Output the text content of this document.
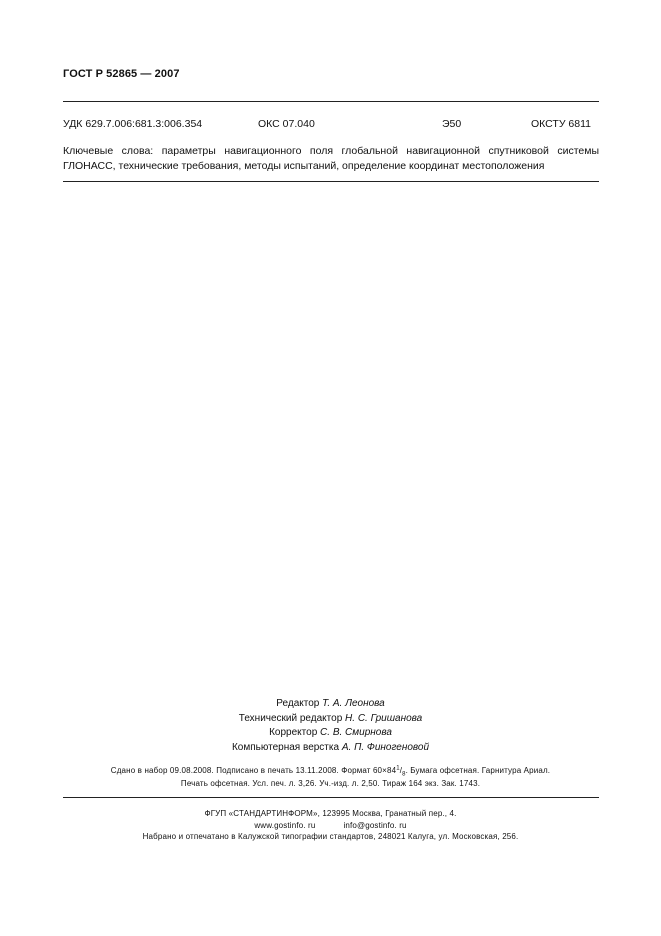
ГОСТ Р 52865 — 2007
УДК 629.7.006:681.3:006.354	ОКС 07.040	Э50	ОКСТУ 6811
Ключевые слова: параметры навигационного поля глобальной навигационной спутниковой системы
ГЛОНАСС, технические требования, методы испытаний, определение координат местоположения
Редактор Т. А. Леонова
Технический редактор Н. С. Гришанова
Корректор С. В. Смирнова
Компьютерная верстка А. П. Финогеновой
Сдано в набор 09.08.2008. Подписано в печать 13.11.2008. Формат $60\times 84^1/_8$. Бумага офсетная. Гарнитура Ариал.
Печать офсетная. Усл. печ. л. 3,26. Уч.-изд. л. 2,50. Тираж 164 экз. Зак. 1743.
ФГУП «СТАНДАРТИНФОРМ», 123995 Москва, Гранатный пер., 4.
www.gostinfo. ru	info@gostinfo. ru
Набрано и отпечатано в Калужской типографии стандартов, 248021 Калуга, ул. Московская, 256.
